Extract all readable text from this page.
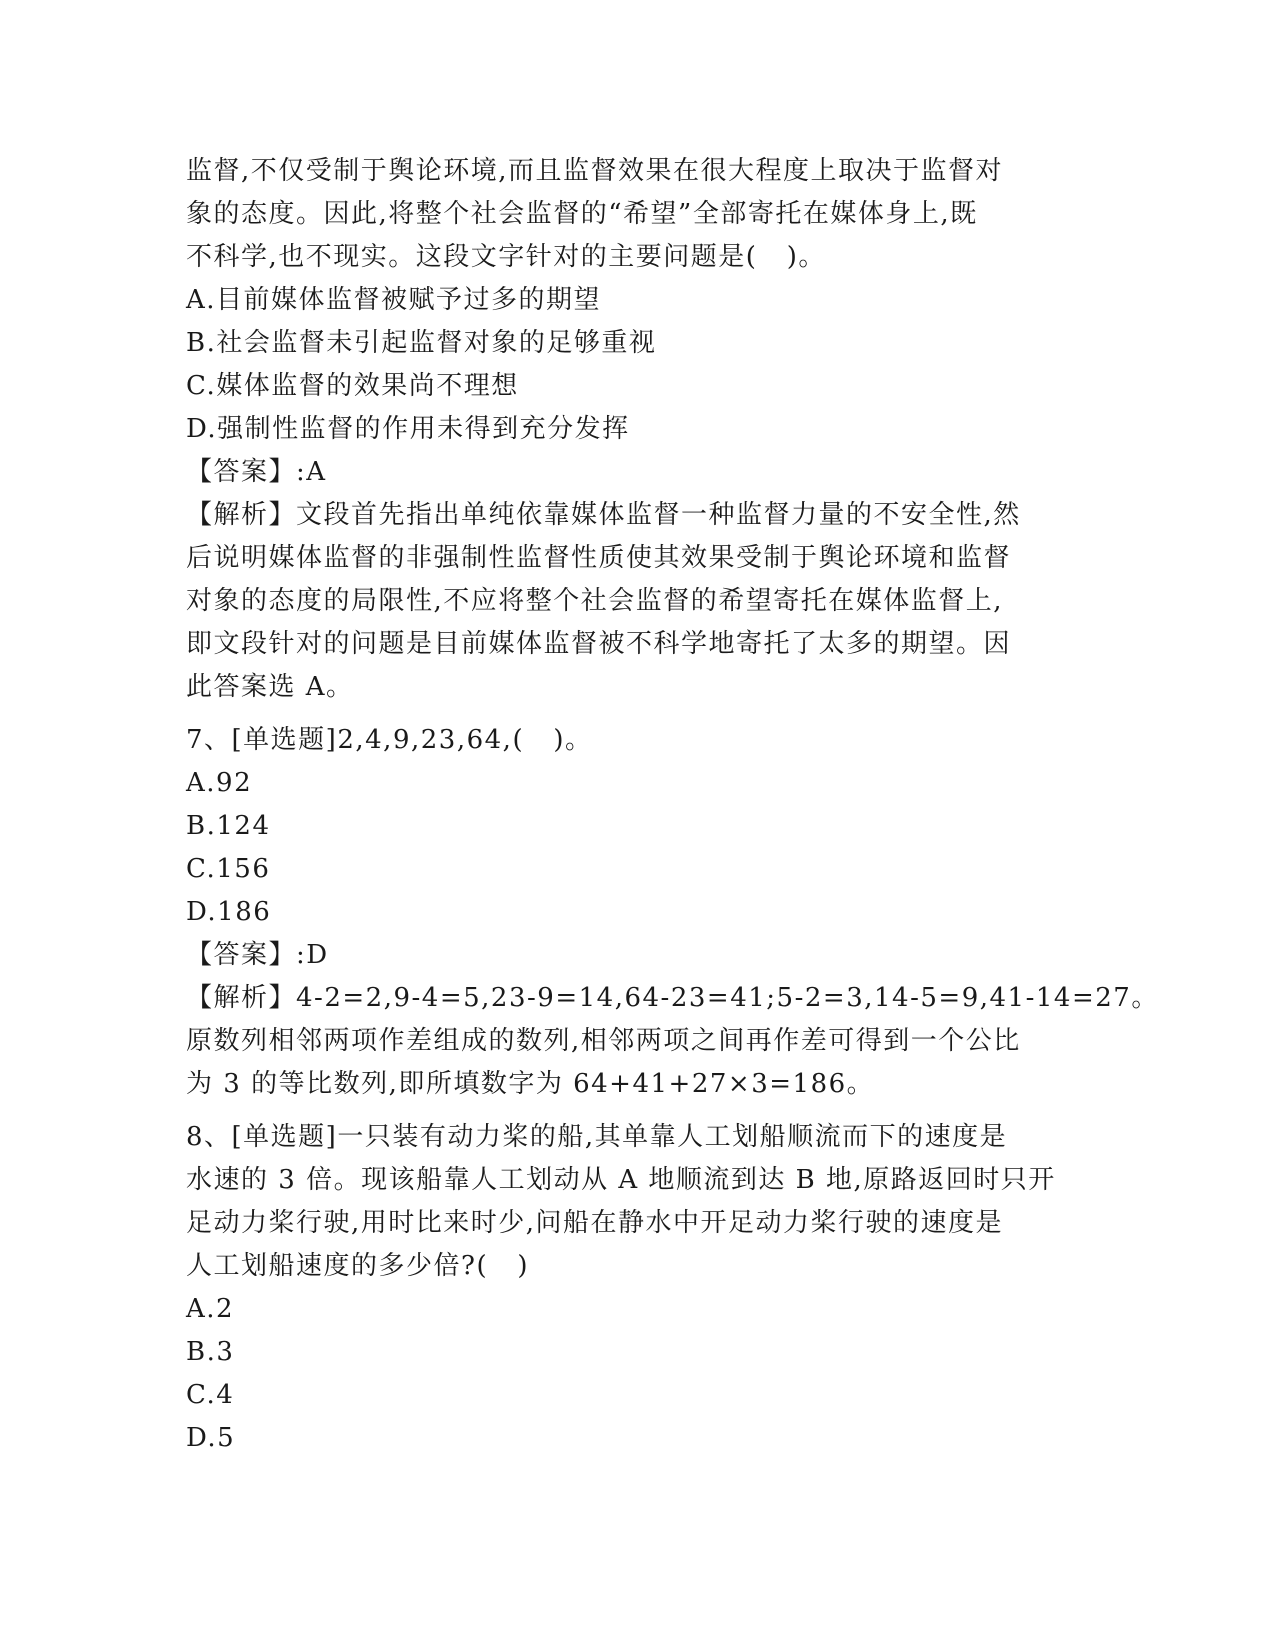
监督,不仅受制于舆论环境,而且监督效果在很大程度上取决于监督对
象的态度。因此,将整个社会监督的“希望”全部寄托在媒体身上,既
不科学,也不现实。这段文字针对的主要问题是(   )。
A.目前媒体监督被赋予过多的期望
B.社会监督未引起监督对象的足够重视
C.媒体监督的效果尚不理想
D.强制性监督的作用未得到充分发挥
【答案】:A
【解析】文段首先指出单纯依靠媒体监督一种监督力量的不安全性,然
后说明媒体监督的非强制性监督性质使其效果受制于舆论环境和监督
对象的态度的局限性,不应将整个社会监督的希望寄托在媒体监督上,
即文段针对的问题是目前媒体监督被不科学地寄托了太多的期望。因
此答案选 A。
7、[单选题]2,4,9,23,64,(   )。
A.92
B.124
C.156
D.186
【答案】:D
【解析】4-2=2,9-4=5,23-9=14,64-23=41;5-2=3,14-5=9,41-14=27。
原数列相邻两项作差组成的数列,相邻两项之间再作差可得到一个公比
为 3 的等比数列,即所填数字为 64+41+27×3=186。
8、[单选题]一只装有动力桨的船,其单靠人工划船顺流而下的速度是
水速的 3 倍。现该船靠人工划动从 A 地顺流到达 B 地,原路返回时只开
足动力桨行驶,用时比来时少,问船在静水中开足动力桨行驶的速度是
人工划船速度的多少倍?(   )
A.2
B.3
C.4
D.5
